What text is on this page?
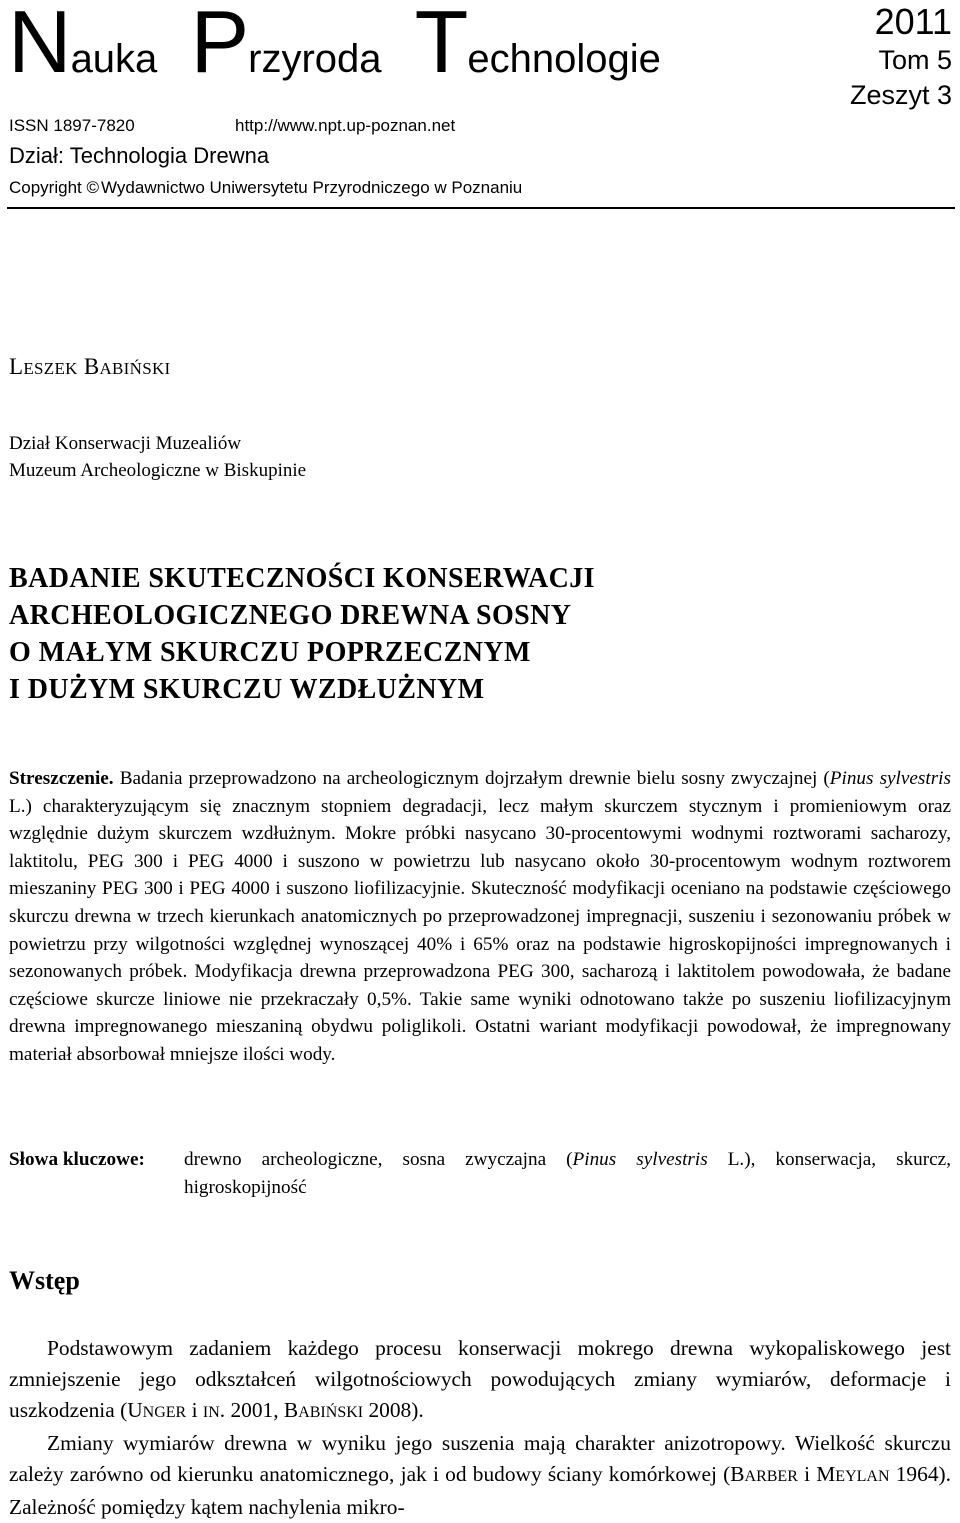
Nauka Przyroda Technologie
2011
Tom 5
Zeszyt 3
ISSN 1897-7820	http://www.npt.up-poznan.net
Dział: Technologia Drewna
Copyright © Wydawnictwo Uniwersytetu Przyrodniczego w Poznaniu
LESZEK BABIŃSKI
Dział Konserwacji Muzealiów
Muzeum Archeologiczne w Biskupinie
BADANIE SKUTECZNOŚCI KONSERWACJI
ARCHEOLOGICZNEGO DREWNA SOSNY
O MAŁYM SKURCZU POPRZECZNYM
I DUŻYM SKURCZU WZDŁUŻNYM
Streszczenie. Badania przeprowadzono na archeologicznym dojrzałym drewnie bielu sosny zwyczajnej (Pinus sylvestris L.) charakteryzującym się znacznym stopniem degradacji, lecz małym skurczem stycznym i promieniowym oraz względnie dużym skurczem wzdłużnym. Mokre próbki nasycano 30-procentowymi wodnymi roztworami sacharozy, laktitolu, PEG 300 i PEG 4000 i suszono w powietrzu lub nasycano około 30-procentowym wodnym roztworem mieszaniny PEG 300 i PEG 4000 i suszono liofilizacyjnie. Skuteczność modyfikacji oceniano na podstawie częściowego skurczu drewna w trzech kierunkach anatomicznych po przeprowadzonej impregnacji, suszeniu i sezonowaniu próbek w powietrzu przy wilgotności względnej wynoszącej 40% i 65% oraz na podstawie higroskopijności impregnowanych i sezonowanych próbek. Modyfikacja drewna przeprowadzona PEG 300, sacharozą i laktitolem powodowała, że badane częściowe skurcze liniowe nie przekraczały 0,5%. Takie same wyniki odnotowano także po suszeniu liofilizacyjnym drewna impregnowanego mieszaniną obydwu poliglikoli. Ostatni wariant modyfikacji powodował, że impregnowany materiał absorbował mniejsze ilości wody.
Słowa kluczowe:	drewno archeologiczne, sosna zwyczajna (Pinus sylvestris L.), konserwacja, skurcz, higroskopijność
Wstęp

Podstawowym zadaniem każdego procesu konserwacji mokrego drewna wykopaliskowego jest zmniejszenie jego odkształceń wilgotnościowych powodujących zmiany wymiarów, deformacje i uszkodzenia (UNGER i IN. 2001, BABIŃSKI 2008).

Zmiany wymiarów drewna w wyniku jego suszenia mają charakter anizotropowy. Wielkość skurczu zależy zarówno od kierunku anatomicznego, jak i od budowy ściany komórkowej (BARBER i MEYLAN 1964). Zależność pomiędzy kątem nachylenia mikro-
